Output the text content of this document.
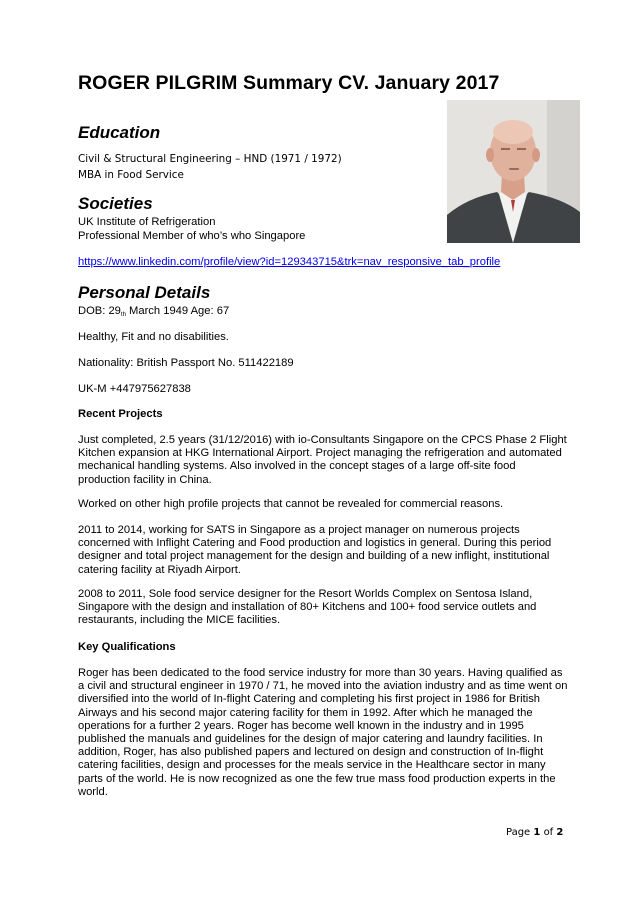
ROGER PILGRIM Summary CV. January 2017
Education
Civil & Structural Engineering – HND (1971 / 1972)
MBA in Food Service
Societies
UK Institute of Refrigeration
Professional Member of who’s who Singapore
https://www.linkedin.com/profile/view?id=129343715&trk=nav_responsive_tab_profile
Personal Details
DOB: 29th March 1949 Age: 67
Healthy, Fit and no disabilities.
Nationality: British Passport No. 511422189
UK-M +447975627838
Recent Projects

Just completed, 2.5 years (31/12/2016) with io-Consultants Singapore on the CPCS Phase 2 Flight Kitchen expansion at HKG International Airport. Project managing the refrigeration and automated mechanical handling systems. Also involved in the concept stages of a large off-site food production facility in China.

Worked on other high profile projects that cannot be revealed for commercial reasons.

2011 to 2014, working for SATS in Singapore as a project manager on numerous projects concerned with Inflight Catering and Food production and logistics in general. During this period designer and total project management for the design and building of a new inflight, institutional catering facility at Riyadh Airport.

2008 to 2011, Sole food service designer for the Resort Worlds Complex on Sentosa Island, Singapore with the design and installation of 80+ Kitchens and 100+ food service outlets and restaurants, including the MICE facilities.

Key Qualifications

Roger has been dedicated to the food service industry for more than 30 years. Having qualified as a civil and structural engineer in 1970 / 71, he moved into the aviation industry and as time went on diversified into the world of In-flight Catering and completing his first project in 1986 for British Airways and his second major catering facility for them in 1992. After which he managed the operations for a further 2 years. Roger has become well known in the industry and in 1995 published the manuals and guidelines for the design of major catering and laundry facilities. In addition, Roger, has also published papers and lectured on design and construction of In-flight catering facilities, design and processes for the meals service in the Healthcare sector in many parts of the world. He is now recognized as one the few true mass food production experts in the world.

Page 1 of 2
